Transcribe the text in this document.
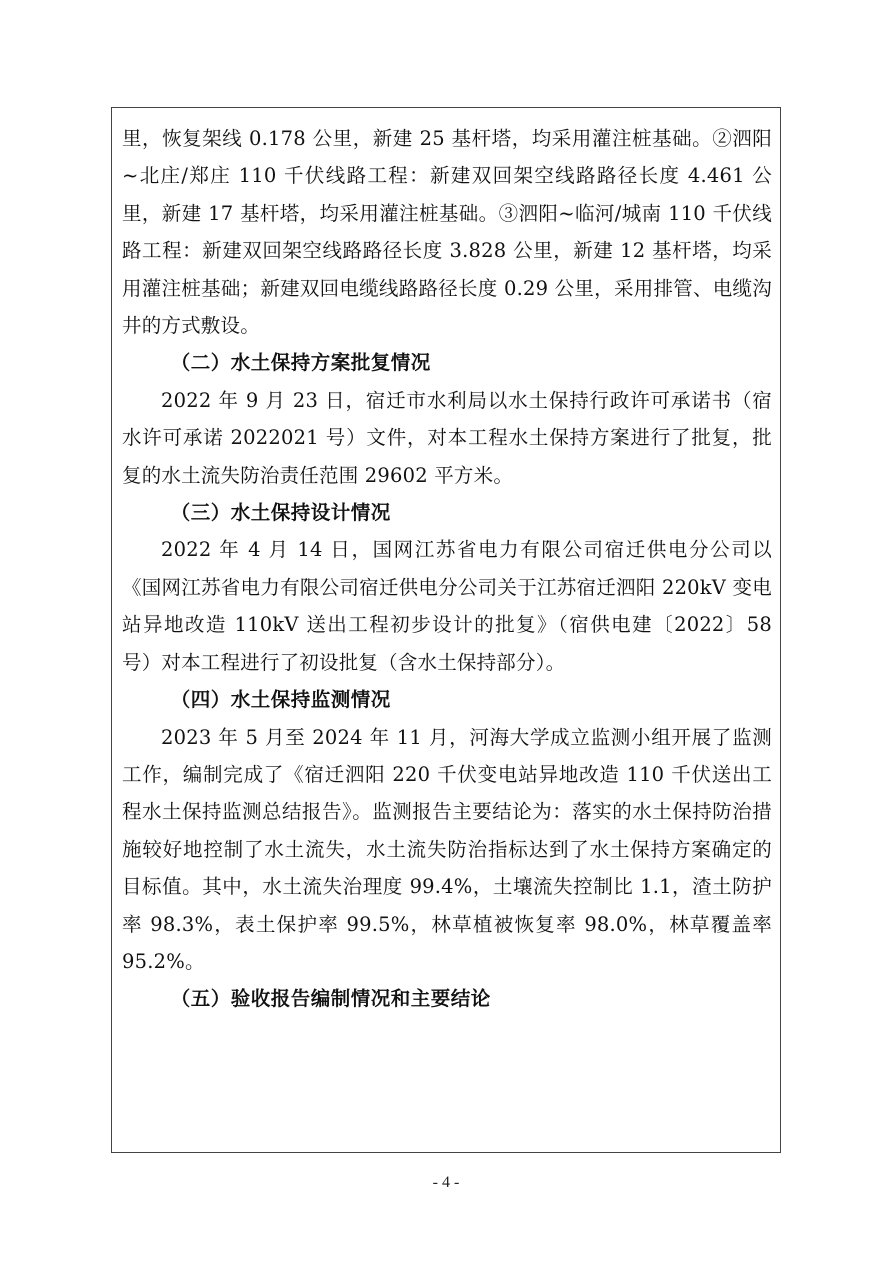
里，恢复架线 0.178 公里，新建 25 基杆塔，均采用灌注桩基础。②泗阳~北庄/郑庄 110 千伏线路工程：新建双回架空线路路径长度 4.461 公里，新建 17 基杆塔，均采用灌注桩基础。③泗阳~临河/城南 110 千伏线路工程：新建双回架空线路路径长度 3.828 公里，新建 12 基杆塔，均采用灌注桩基础；新建双回电缆线路路径长度 0.29 公里，采用排管、电缆沟井的方式敷设。

（二）水土保持方案批复情况

2022 年 9 月 23 日，宿迁市水利局以水土保持行政许可承诺书（宿水许可承诺 2022021 号）文件，对本工程水土保持方案进行了批复，批复的水土流失防治责任范围 29602 平方米。

（三）水土保持设计情况

2022 年 4 月 14 日，国网江苏省电力有限公司宿迁供电分公司以《国网江苏省电力有限公司宿迁供电分公司关于江苏宿迁泗阳 220kV 变电站异地改造 110kV 送出工程初步设计的批复》（宿供电建〔2022〕58 号）对本工程进行了初设批复（含水土保持部分）。

（四）水土保持监测情况

2023 年 5 月至 2024 年 11 月，河海大学成立监测小组开展了监测工作，编制完成了《宿迁泗阳 220 千伏变电站异地改造 110 千伏送出工程水土保持监测总结报告》。监测报告主要结论为：落实的水土保持防治措施较好地控制了水土流失，水土流失防治指标达到了水土保持方案确定的目标值。其中，水土流失治理度 99.4%，土壤流失控制比 1.1，渣土防护率 98.3%，表土保护率 99.5%，林草植被恢复率 98.0%，林草覆盖率 95.2%。

（五）验收报告编制情况和主要结论

- 4 -
